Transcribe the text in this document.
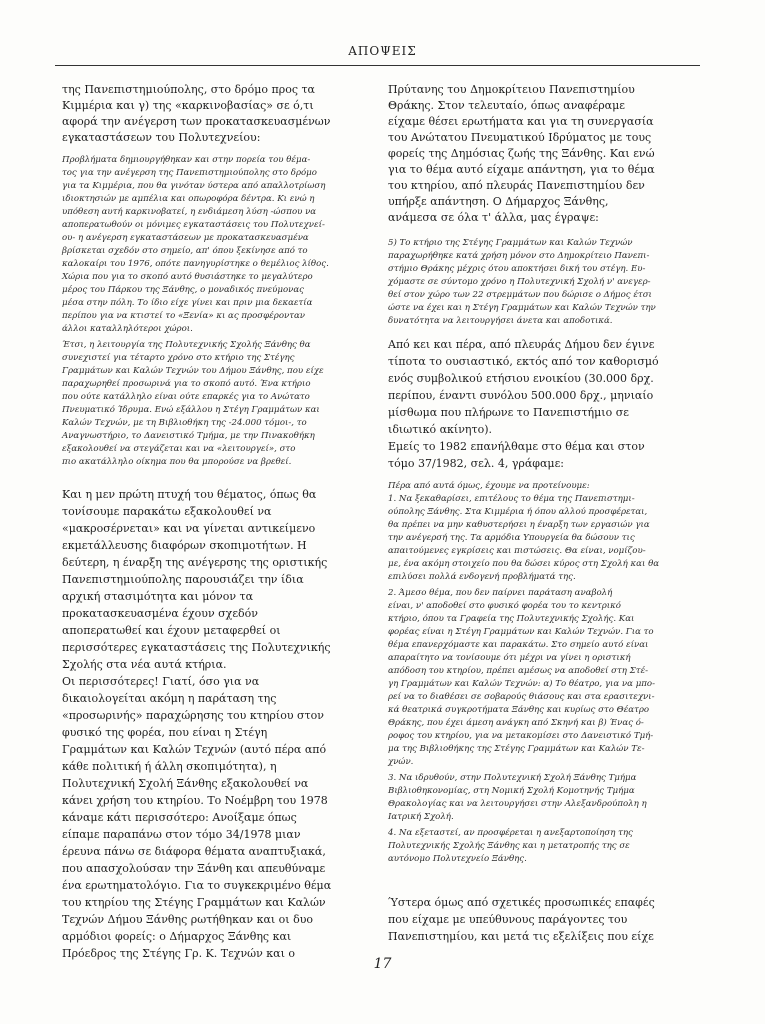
ΑΠΟΨΕΙΣ
της Πανεπιστημιούπολης, στο δρόμο προς τα
Κιμμέρια και γ) της «καρκινοβασίας» σε ό,τι
αφορά την ανέγερση των προκατασκευασμένων
εγκαταστάσεων του Πολυτεχνείου:
Προβλήματα δημιουργήθηκαν και στην πορεία του θέμα-
τος για την ανέγερση της Πανεπιστημιούπολης στο δρόμο
για τα Κιμμέρια, που θα γινόταν ύστερα από απαλλοτρίωση
ιδιοκτησιών με αμπέλια και οπωροφόρα δέντρα. Κι ενώ η
υπόθεση αυτή καρκινοβατεί, η ενδιάμεση λύση -ώσπου να
αποπερατωθούν οι μόνιμες εγκαταστάσεις του Πολυτεχνεί-
ου- η ανέγερση εγκαταστάσεων με προκατασκευασμένα
βρίσκεται σχεδόν στο σημείο, απ' όπου ξεκίνησε από το
καλοκαίρι του 1976, οπότε πανηγυρίστηκε ο θεμέλιος λίθος.
Χώρια που για το σκοπό αυτό θυσιάστηκε το μεγαλύτερο
μέρος του Πάρκου της Ξάνθης, ο μοναδικός πνεύμονας
μέσα στην πόλη. Το ίδιο είχε γίνει και πριν μια δεκαετία
περίπου για να κτιστεί το «Ξενία» κι ας προσφέρονταν
άλλοι καταλληλότεροι χώροι.
Έτσι, η λειτουργία της Πολυτεχνικής Σχολής Ξάνθης θα
συνεχιστεί για τέταρτο χρόνο στο κτήριο της Στέγης
Γραμμάτων και Καλών Τεχνών του Δήμου Ξάνθης, που είχε
παραχωρηθεί προσωρινά για το σκοπό αυτό. Ένα κτήριο
που ούτε κατάλληλο είναι ούτε επαρκές για το Ανώτατο
Πνευματικό Ίδρυμα. Ενώ εξάλλου η Στέγη Γραμμάτων και
Καλών Τεχνών, με τη Βιβλιοθήκη της -24.000 τόμοι-, το
Αναγνωστήριο, το Δανειστικό Τμήμα, με την Πινακοθήκη
εξακολουθεί να στεγάζεται και να «λειτουργεί», στο
πιο ακατάλληλο οίκημα που θα μπορούσε να βρεθεί.
Και η μεν πρώτη πτυχή του θέματος, όπως θα
τονίσουμε παρακάτω εξακολουθεί να
«μακροσέρνεται» και να γίνεται αντικείμενο
εκμετάλλευσης διαφόρων σκοπιμοτήτων. Η
δεύτερη, η έναρξη της ανέγερσης της οριστικής
Πανεπιστημιούπολης παρουσιάζει την ίδια
αρχική στασιμότητα και μόνον τα
προκατασκευασμένα έχουν σχεδόν
αποπερατωθεί και έχουν μεταφερθεί οι
περισσότερες εγκαταστάσεις της Πολυτεχνικής
Σχολής στα νέα αυτά κτήρια.
Οι περισσότερες! Γιατί, όσο για να
δικαιολογείται ακόμη η παράταση της
«προσωρινής» παραχώρησης του κτηρίου στον
φυσικό της φορέα, που είναι η Στέγη
Γραμμάτων και Καλών Τεχνών (αυτό πέρα από
κάθε πολιτική ή άλλη σκοπιμότητα), η
Πολυτεχνική Σχολή Ξάνθης εξακολουθεί να
κάνει χρήση του κτηρίου. Το Νοέμβρη του 1978
κάναμε κάτι περισσότερο: Ανοίξαμε όπως
είπαμε παραπάνω στον τόμο 34/1978 μιαν
έρευνα πάνω σε διάφορα θέματα αναπτυξιακά,
που απασχολούσαν την Ξάνθη και απευθύναμε
ένα ερωτηματολόγιο. Για το συγκεκριμένο θέμα
του κτηρίου της Στέγης Γραμμάτων και Καλών
Τεχνών Δήμου Ξάνθης ρωτήθηκαν και οι δυο
αρμόδιοι φορείς: ο Δήμαρχος Ξάνθης και
Πρόεδρος της Στέγης Γρ. Κ. Τεχνών και ο
Πρύτανης του Δημοκρίτειου Πανεπιστημίου
Θράκης. Στον τελευταίο, όπως αναφέραμε
είχαμε θέσει ερωτήματα και για τη συνεργασία
του Ανώτατου Πνευματικού Ιδρύματος με τους
φορείς της Δημόσιας ζωής της Ξάνθης. Και ενώ
για το θέμα αυτό είχαμε απάντηση, για το θέμα
του κτηρίου, από πλευράς Πανεπιστημίου δεν
υπήρξε απάντηση. Ο Δήμαρχος Ξάνθης,
ανάμεσα σε όλα τ' άλλα, μας έγραψε:
5) Το κτήριο της Στέγης Γραμμάτων και Καλών Τεχνών
παραχωρήθηκε κατά χρήση μόνον στο Δημοκρίτειο Πανεπι-
στήμιο Θράκης μέχρις ότου αποκτήσει δική του στέγη. Ευ-
χόμαστε σε σύντομο χρόνο η Πολυτεχνική Σχολή ν' ανεγερ-
θεί στον χώρο των 22 στρεμμάτων που δώρισε ο Δήμος έτσι
ώστε να έχει και η Στέγη Γραμμάτων και Καλών Τεχνών την
δυνατότητα να λειτουργήσει άνετα και αποδοτικά.
Από κει και πέρα, από πλευράς Δήμου δεν έγινε
τίποτα το ουσιαστικό, εκτός από τον καθορισμό
ενός συμβολικού ετήσιου ενοικίου (30.000 δρχ.
περίπου, έναντι συνόλου 500.000 δρχ., μηνιαίο
μίσθωμα που πλήρωνε το Πανεπιστήμιο σε
ιδιωτικό ακίνητο).
Εμείς το 1982 επανήλθαμε στο θέμα και στον
τόμο 37/1982, σελ. 4, γράφαμε:
Πέρα από αυτά όμως, έχουμε να προτείνουμε:
1. Να ξεκαθαρίσει, επιτέλους το θέμα της Πανεπιστημι-
ούπολης Ξάνθης. Στα Κιμμέρια ή όπου αλλού προσφέρεται,
θα πρέπει να μην καθυστερήσει η έναρξη των εργασιών για
την ανέγερσή της. Τα αρμόδια Υπουργεία θα δώσουν τις
απαιτούμενες εγκρίσεις και πιστώσεις. Θα είναι, νομίζου-
με, ένα ακόμη στοιχείο που θα δώσει κύρος στη Σχολή και θα
επιλύσει πολλά ενδογενή προβλήματά της.
2. Άμεσο θέμα, που δεν παίρνει παράταση αναβολή
είναι, ν' αποδοθεί στο φυσικό φορέα του το κεντρικό
κτήριο, όπου τα Γραφεία της Πολυτεχνικής Σχολής. Και
φορέας είναι η Στέγη Γραμμάτων και Καλών Τεχνών. Για το
θέμα επανερχόμαστε και παρακάτω. Στο σημείο αυτό είναι
απαραίτητο να τονίσουμε ότι μέχρι να γίνει η οριστική
απόδοση του κτηρίου, πρέπει αμέσως να αποδοθεί στη Στέ-
γη Γραμμάτων και Καλών Τεχνών: α) Το θέατρο, για να μπο-
ρεί να το διαθέσει σε σοβαρούς θιάσους και στα ερασιτεχνι-
κά θεατρικά συγκροτήματα Ξάνθης και κυρίως στο Θέατρο
Θράκης, που έχει άμεση ανάγκη από Σκηνή και β) Ένας ό-
ροφος του κτηρίου, για να μετακομίσει στο Δανειστικό Τμή-
μα της Βιβλιοθήκης της Στέγης Γραμμάτων και Καλών Τε-
χνών.
3. Να ιδρυθούν, στην Πολυτεχνική Σχολή Ξάνθης Τμήμα
Βιβλιοθηκονομίας, στη Νομική Σχολή Κομοτηνής Τμήμα
Θρακολογίας και να λειτουργήσει στην Αλεξανδρούπολη η
Ιατρική Σχολή.
4. Να εξεταστεί, αν προσφέρεται η ανεξαρτοποίηση της
Πολυτεχνικής Σχολής Ξάνθης και η μετατροπής της σε
αυτόνομο Πολυτεχνείο Ξάνθης.
Ύστερα όμως από σχετικές προσωπικές επαφές
που είχαμε με υπεύθυνους παράγοντες του
Πανεπιστημίου, και μετά τις εξελίξεις που είχε
17
